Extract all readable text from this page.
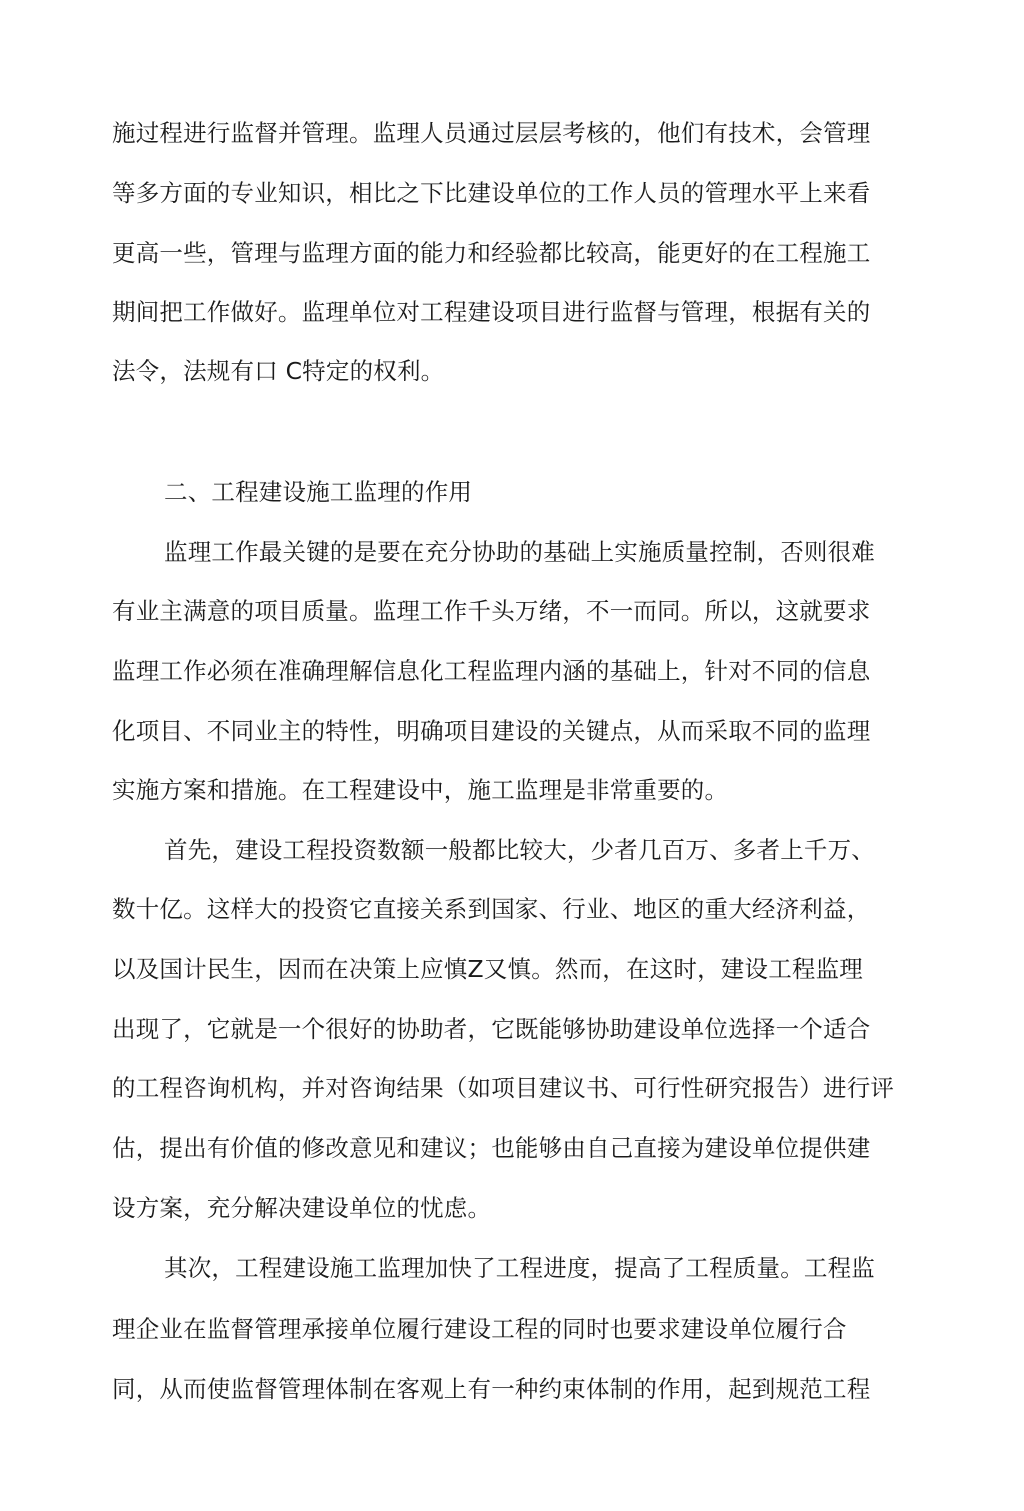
施过程进行监督并管理。监理人员通过层层考核的，他们有技术，会管理
等多方面的专业知识，相比之下比建设单位的工作人员的管理水平上来看
更高一些，管理与监理方面的能力和经验都比较高，能更好的在工程施工
期间把工作做好。监理单位对工程建设项目进行监督与管理，根据有关的
法令，法规有口 C特定的权利。
二、工程建设施工监理的作用
监理工作最关键的是要在充分协助的基础上实施质量控制，否则很难
有业主满意的项目质量。监理工作千头万绪，不一而同。所以，这就要求
监理工作必须在准确理解信息化工程监理内涵的基础上，针对不同的信息
化项目、不同业主的特性，明确项目建设的关键点，从而采取不同的监理
实施方案和措施。在工程建设中，施工监理是非常重要的。
首先，建设工程投资数额一般都比较大，少者几百万、多者上千万、
数十亿。这样大的投资它直接关系到国家、行业、地区的重大经济利益，
以及国计民生，因而在决策上应慎Z又慎。然而，在这时，建设工程监理
出现了，它就是一个很好的协助者，它既能够协助建设单位选择一个适合
的工程咨询机构，并对咨询结果（如项目建议书、可行性研究报告）进行评
估，提出有价值的修改意见和建议；也能够由自己直接为建设单位提供建
设方案，充分解决建设单位的忧虑。
其次，工程建设施工监理加快了工程进度，提高了工程质量。工程监
理企业在监督管理承接单位履行建设工程的同时也要求建设单位履行合
同，从而使监督管理体制在客观上有一种约束体制的作用，起到规范工程
